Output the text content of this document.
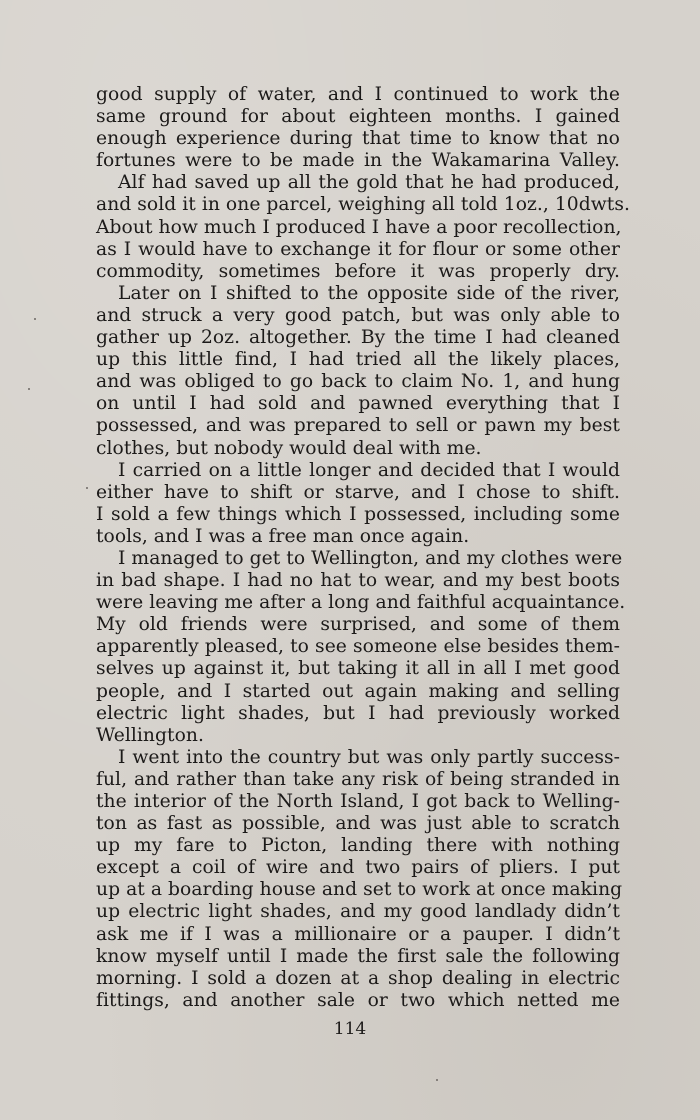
good supply of water, and I continued to work the
same ground for about eighteen months. I gained
enough experience during that time to know that no
fortunes were to be made in the Wakamarina Valley.
Alf had saved up all the gold that he had produced,
and sold it in one parcel, weighing all told 1oz., 10dwts.
About how much I produced I have a poor recollection,
as I would have to exchange it for flour or some other
commodity, sometimes before it was properly dry.
Later on I shifted to the opposite side of the river,
and struck a very good patch, but was only able to
gather up 2oz. altogether. By the time I had cleaned
up this little find, I had tried all the likely places,
and was obliged to go back to claim No. 1, and hung
on until I had sold and pawned everything that I
possessed, and was prepared to sell or pawn my best
clothes, but nobody would deal with me.
I carried on a little longer and decided that I would
either have to shift or starve, and I chose to shift.
I sold a few things which I possessed, including some
tools, and I was a free man once again.
I managed to get to Wellington, and my clothes were
in bad shape. I had no hat to wear, and my best boots
were leaving me after a long and faithful acquaintance.
My old friends were surprised, and some of them
apparently pleased, to see someone else besides them-
selves up against it, but taking it all in all I met good
people, and I started out again making and selling
electric light shades, but I had previously worked
Wellington.
I went into the country but was only partly success-
ful, and rather than take any risk of being stranded in
the interior of the North Island, I got back to Welling-
ton as fast as possible, and was just able to scratch
up my fare to Picton, landing there with nothing
except a coil of wire and two pairs of pliers. I put
up at a boarding house and set to work at once making
up electric light shades, and my good landlady didn’t
ask me if I was a millionaire or a pauper. I didn’t
know myself until I made the first sale the following
morning. I sold a dozen at a shop dealing in electric
fittings, and another sale or two which netted me
114
